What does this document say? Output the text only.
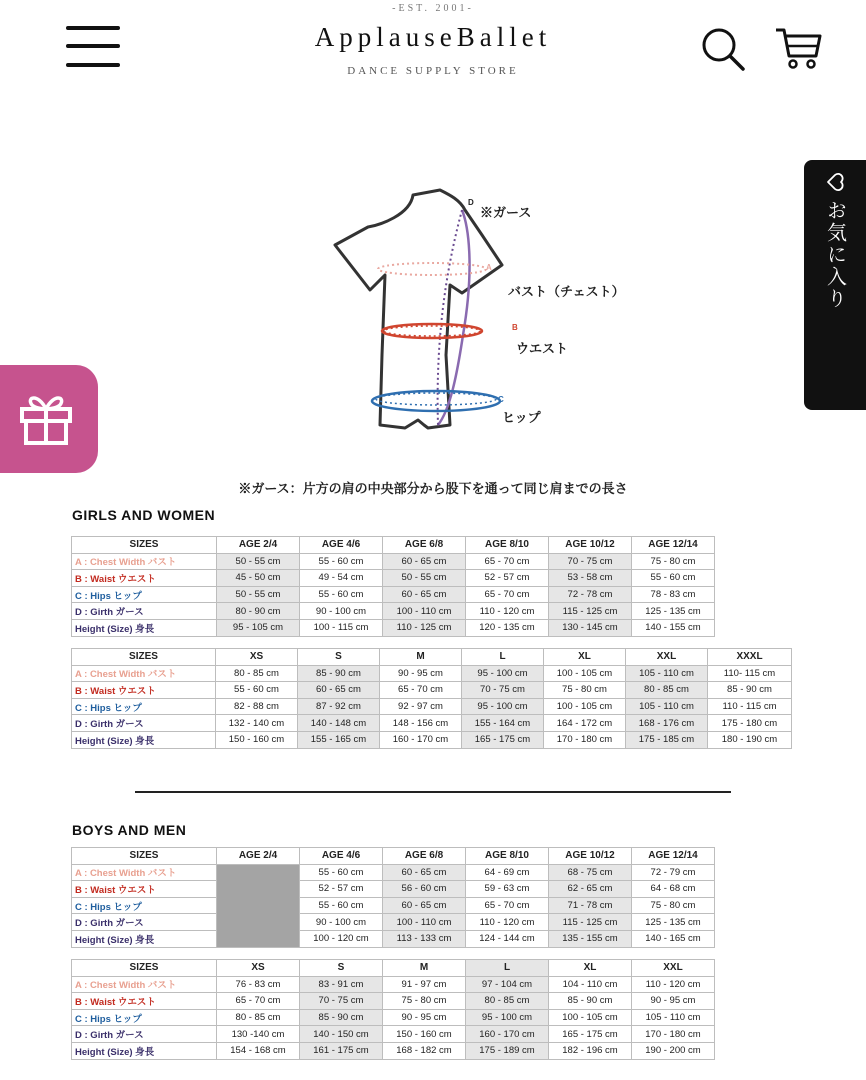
-EST. 2001-
ApplauseBallet
DANCE SUPPLY STORE
お気に入り
D
※ガース
A
バスト（チェスト）
B
ウエスト
C
ヒップ
※ガース：片方の肩の中央部分から股下を通って同じ肩までの長さ
GIRLS AND WOMEN
SIZES	AGE 2/4	AGE 4/6	AGE 6/8	AGE 8/10	AGE 10/12	AGE 12/14
A : Chest Width バスト	50 - 55 cm	55 - 60 cm	60 - 65 cm	65 - 70 cm	70 - 75 cm	75 - 80 cm
B : Waist ウエスト	45 - 50 cm	49 - 54 cm	50 - 55 cm	52 - 57 cm	53 - 58 cm	55 - 60 cm
C : Hips ヒップ	50 - 55 cm	55 - 60 cm	60 - 65 cm	65 - 70 cm	72 - 78 cm	78 - 83 cm
D : Girth ガース	80 - 90 cm	90 - 100 cm	100 - 110 cm	110 - 120 cm	115 - 125 cm	125 - 135 cm
Height (Size) 身長	95 - 105 cm	100 - 115 cm	110 - 125 cm	120 - 135 cm	130 - 145 cm	140 - 155 cm
SIZES	XS	S	M	L	XL	XXL	XXXL
A : Chest Width バスト	80 - 85 cm	85 - 90 cm	90 - 95 cm	95 - 100 cm	100 - 105 cm	105 - 110 cm	110- 115 cm
B : Waist ウエスト	55 - 60 cm	60 - 65 cm	65 - 70 cm	70 - 75 cm	75 - 80 cm	80 - 85 cm	85 - 90 cm
C : Hips ヒップ	82 - 88 cm	87 - 92 cm	92 - 97 cm	95 - 100 cm	100 - 105 cm	105 - 110 cm	110 - 115 cm
D : Girth ガース	132 - 140 cm	140 - 148 cm	148 - 156 cm	155 - 164 cm	164 - 172 cm	168 - 176 cm	175 - 180 cm
Height (Size) 身長	150 - 160 cm	155 - 165 cm	160 - 170 cm	165 - 175 cm	170 - 180 cm	175 - 185 cm	180 - 190 cm
BOYS AND MEN
SIZES	AGE 2/4	AGE 4/6	AGE 6/8	AGE 8/10	AGE 10/12	AGE 12/14
A : Chest Width バスト		55 - 60 cm	60 - 65 cm	64 - 69 cm	68 - 75 cm	72 - 79 cm
B : Waist ウエスト		52 - 57 cm	56 - 60 cm	59 - 63 cm	62 - 65 cm	64 - 68 cm
C : Hips ヒップ		55 - 60 cm	60 - 65 cm	65 - 70 cm	71 - 78 cm	75 - 80 cm
D : Girth ガース		90 - 100 cm	100 - 110 cm	110 - 120 cm	115 - 125 cm	125 - 135 cm
Height (Size) 身長		100 - 120 cm	113 - 133 cm	124 - 144 cm	135 - 155 cm	140 - 165 cm
SIZES	XS	S	M	L	XL	XXL
A : Chest Width バスト	76 - 83 cm	83 - 91 cm	91 - 97 cm	97 - 104 cm	104 - 110 cm	110 - 120 cm
B : Waist ウエスト	65 - 70 cm	70 - 75 cm	75 - 80 cm	80 - 85 cm	85 - 90 cm	90 - 95 cm
C : Hips ヒップ	80 - 85 cm	85 - 90 cm	90 - 95 cm	95 - 100 cm	100 - 105 cm	105 - 110 cm
D : Girth ガース	130 -140 cm	140 - 150 cm	150 - 160 cm	160 - 170 cm	165 - 175 cm	170 - 180 cm
Height (Size) 身長	154 - 168 cm	161 - 175 cm	168 - 182 cm	175 - 189 cm	182 - 196 cm	190 - 200 cm
